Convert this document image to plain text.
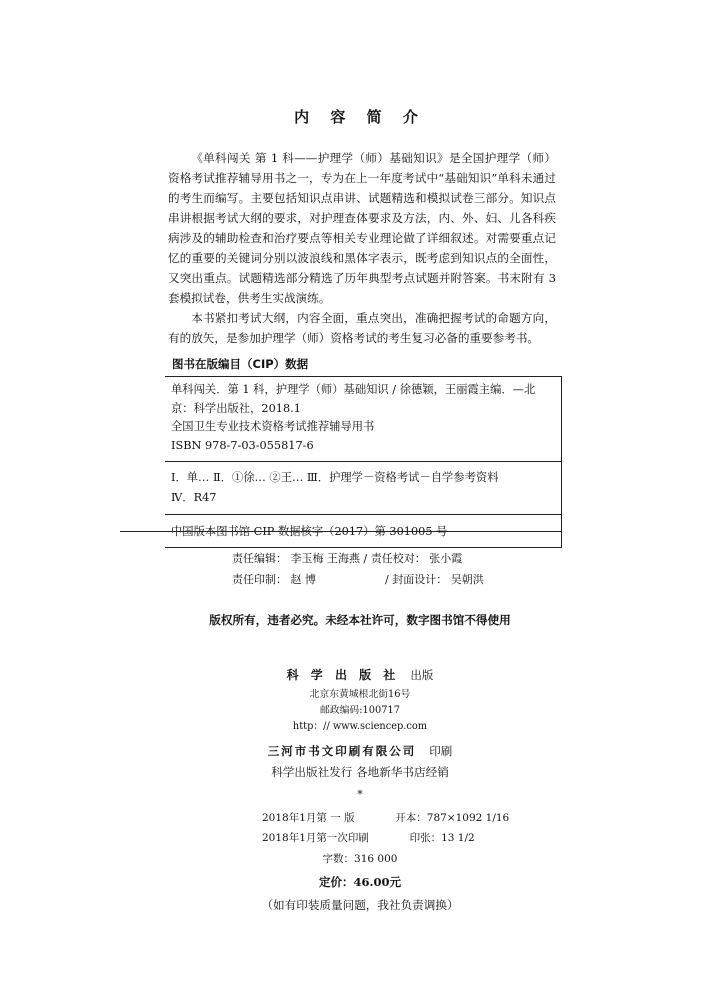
内 容 简 介

《单科闯关 第 1 科——护理学（师）基础知识》是全国护理学（师）资格考试推荐辅导用书之一，专为在上一年度考试中“基础知识”单科未通过的考生而编写。主要包括知识点串讲、试题精选和模拟试卷三部分。知识点串讲根据考试大纲的要求，对护理查体要求及方法，内、外、妇、儿各科疾病涉及的辅助检查和治疗要点等相关专业理论做了详细叙述。对需要重点记忆的重要的关键词分别以波浪线和黑体字表示，既考虑到知识点的全面性，又突出重点。试题精选部分精选了历年典型考点试题并附答案。书末附有 3 套模拟试卷，供考生实战演练。

本书紧扣考试大纲，内容全面，重点突出，准确把握考试的命题方向，有的放矢，是参加护理学（师）资格考试的考生复习必备的重要参考书。

图书在版编目（CIP）数据
单科闯关．第 1 科，护理学（师）基础知识 / 徐德颖，王丽霞主编．—北
京：科学出版社，2018.1
全国卫生专业技术资格考试推荐辅导用书
ISBN 978-7-03-055817-6
Ⅰ．单… Ⅱ．①徐… ②王… Ⅲ．护理学－资格考试－自学参考资料
Ⅳ．R47
中国版本图书馆 CIP 数据核字（2017）第 301005 号
责任编辑： 李玉梅 王海燕 / 责任校对： 张小霞
责任印制： 赵 博	/ 封面设计： 吴朝洪
版权所有，违者必究。未经本社许可，数字图书馆不得使用
科 学 出 版 社 出版
北京东黄城根北街16号
邮政编码:100717
http：// www.sciencep.com
三河市书文印刷有限公司 印刷
科学出版社发行 各地新华书店经销
*
2018年1月第 一 版	开本：787×1092 1/16
2018年1月第一次印刷	印张：13 1/2
字数：316 000
定价：46.00元
（如有印装质量问题，我社负责调换）
